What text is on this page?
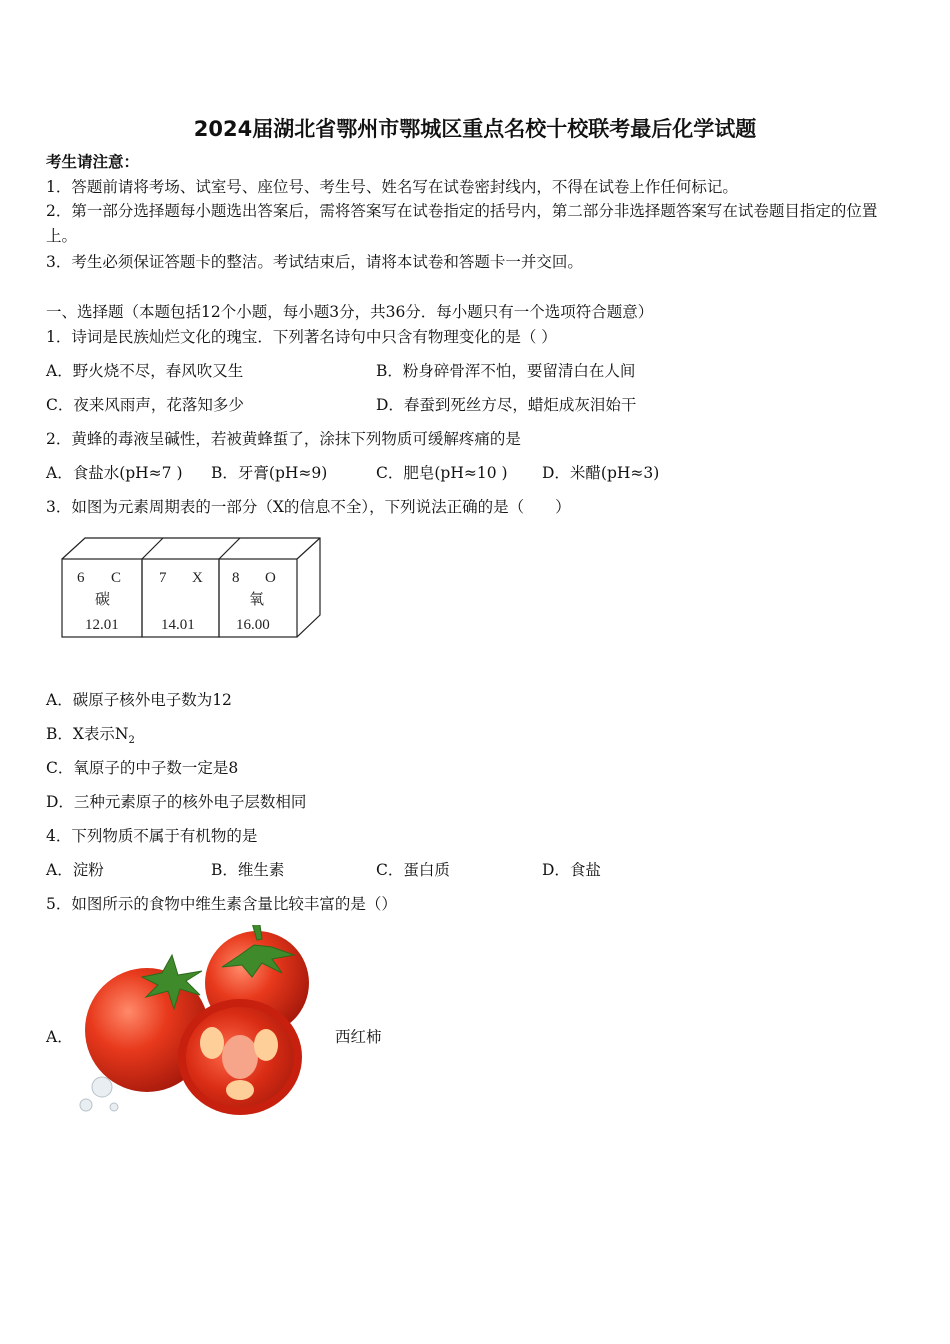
2024届湖北省鄂州市鄂城区重点名校十校联考最后化学试题
考生请注意：
1．答题前请将考场、试室号、座位号、考生号、姓名写在试卷密封线内，不得在试卷上作任何标记。
2．第一部分选择题每小题选出答案后，需将答案写在试卷指定的括号内，第二部分非选择题答案写在试卷题目指定的位置上。
3．考生必须保证答题卡的整洁。考试结束后，请将本试卷和答题卡一并交回。
一、选择题（本题包括12个小题，每小题3分，共36分．每小题只有一个选项符合题意）
1．诗词是民族灿烂文化的瑰宝．下列著名诗句中只含有物理变化的是（ ）
A．野火烧不尽，春风吹又生	B．粉身碎骨浑不怕，要留清白在人间
C．夜来风雨声，花落知多少	D．春蚕到死丝方尽，蜡炬成灰泪始干
2．黄蜂的毒液呈碱性，若被黄蜂蜇了，涂抹下列物质可缓解疼痛的是
A．食盐水(pH≈7 ) B．牙膏(pH≈9)	C．肥皂(pH≈10 ) D．米醋(pH≈3)
3．如图为元素周期表的一部分（X的信息不全），下列说法正确的是（　　）
6 C
碳
12.01
7 X
14.01
8 O
氧
16.00
A．碳原子核外电子数为12
B．X表示$N_2$
C．氧原子的中子数一定是8
D．三种元素原子的核外电子层数相同
4．下列物质不属于有机物的是
A．淀粉	B．维生素	C．蛋白质	D．食盐
5．如图所示的食物中维生素含量比较丰富的是（）
A．	西红柿
